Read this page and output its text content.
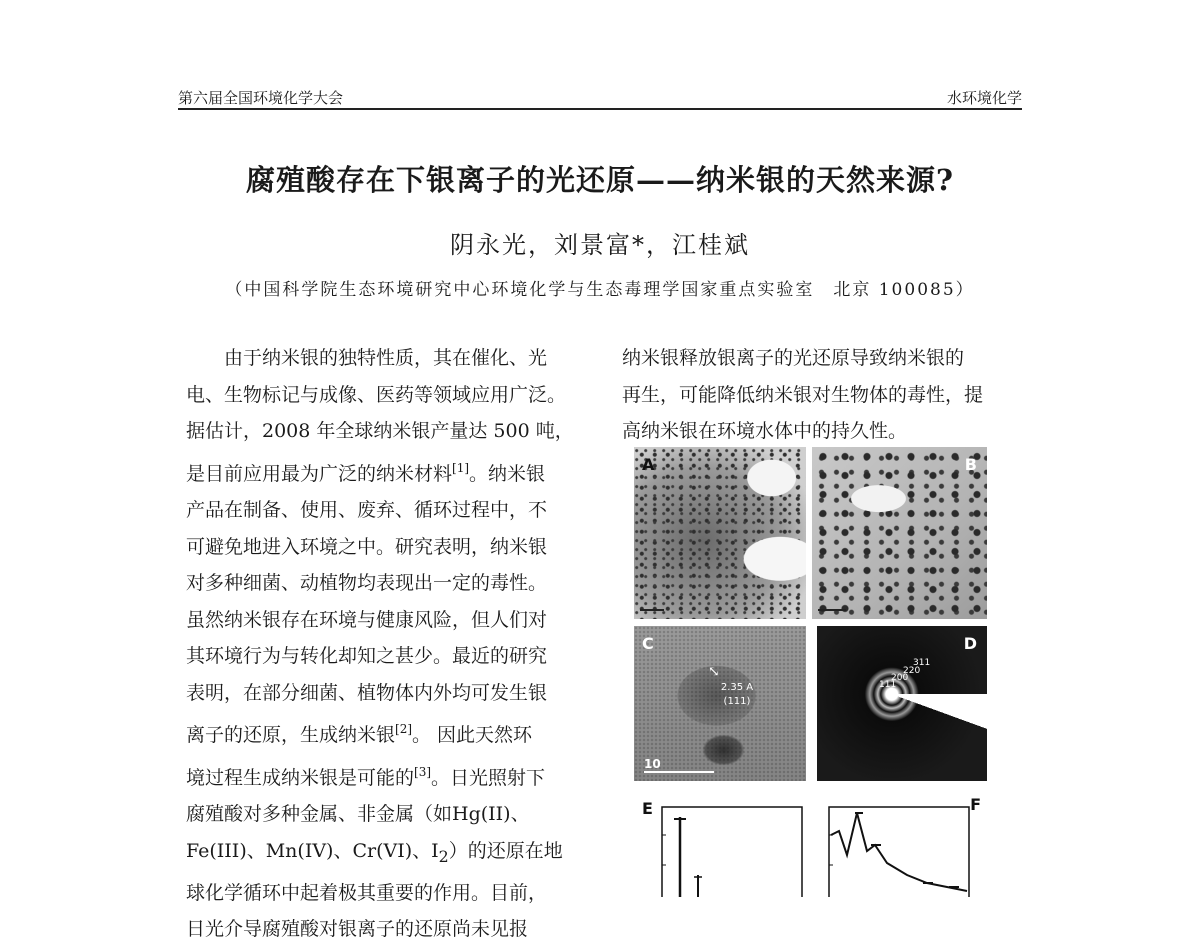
第六届全国环境化学大会	水环境化学
腐殖酸存在下银离子的光还原——纳米银的天然来源?
阴永光，刘景富*，江桂斌
（中国科学院生态环境研究中心环境化学与生态毒理学国家重点实验室　北京 100085）
　　由于纳米银的独特性质，其在催化、光
电、生物标记与成像、医药等领域应用广泛。
据估计，2008 年全球纳米银产量达 500 吨，
是目前应用最为广泛的纳米材料[1]。纳米银
产品在制备、使用、废弃、循环过程中，不
可避免地进入环境之中。研究表明，纳米银
对多种细菌、动植物均表现出一定的毒性。
虽然纳米银存在环境与健康风险，但人们对
其环境行为与转化却知之甚少。最近的研究
表明，在部分细菌、植物体内外均可发生银
离子的还原，生成纳米银[2]。 因此天然环
境过程生成纳米银是可能的[3]。日光照射下
腐殖酸对多种金属、非金属（如Hg(II)、
Fe(III)、Mn(IV)、Cr(VI)、$I_2$）的还原在地
球化学循环中起着极其重要的作用。目前，
日光介导腐殖酸对银离子的还原尚未见报
纳米银释放银离子的光还原导致纳米银的
再生，可能降低纳米银对生物体的毒性，提
高纳米银在环境水体中的持久性。
A	B
C
⤡
2.35 A
(111)
10
D
111
200
220
311
E	F
